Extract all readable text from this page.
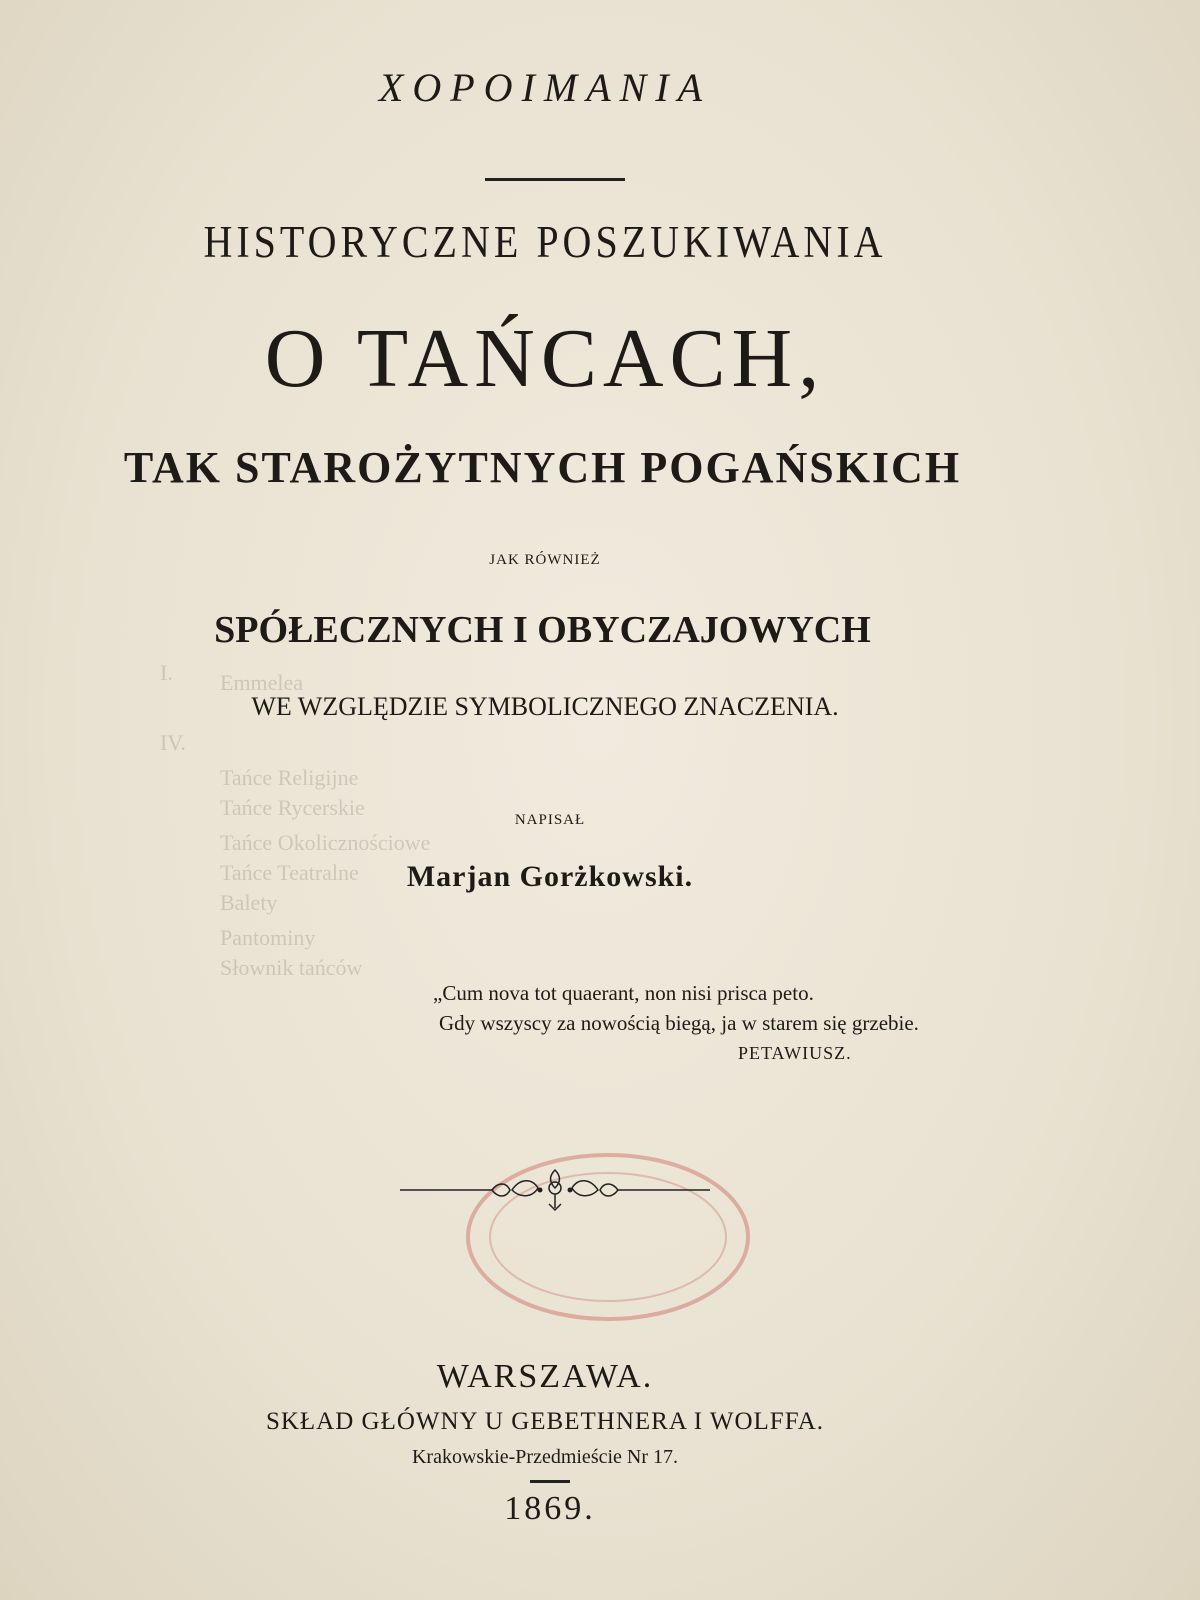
I. Emmelea
IV.
Tańce Religijne
Tańce Rycerskie
Tańce Okolicznościowe
Tańce Teatralne
Balety
Pantominy
Słownik tańców
ΧΟΡΟΙΜΑΝΙΑ
HISTORYCZNE POSZUKIWANIA
O TAŃCACH,
TAK STAROŻYTNYCH POGAŃSKICH
JAK RÓWNIEŻ
SPÓŁECZNYCH I OBYCZAJOWYCH
WE WZGLĘDZIE SYMBOLICZNEGO ZNACZENIA.
NAPISAŁ
Marjan Gorżkowski.
„Cum nova tot quaerant, non nisi prisca peto.
Gdy wszyscy za nowością biegą, ja w starem się grzebie.
PETAWIUSZ.
WARSZAWA.
SKŁAD GŁÓWNY U GEBETHNERA I WOLFFA.
Krakowskie-Przedmieście Nr 17.
1869.
